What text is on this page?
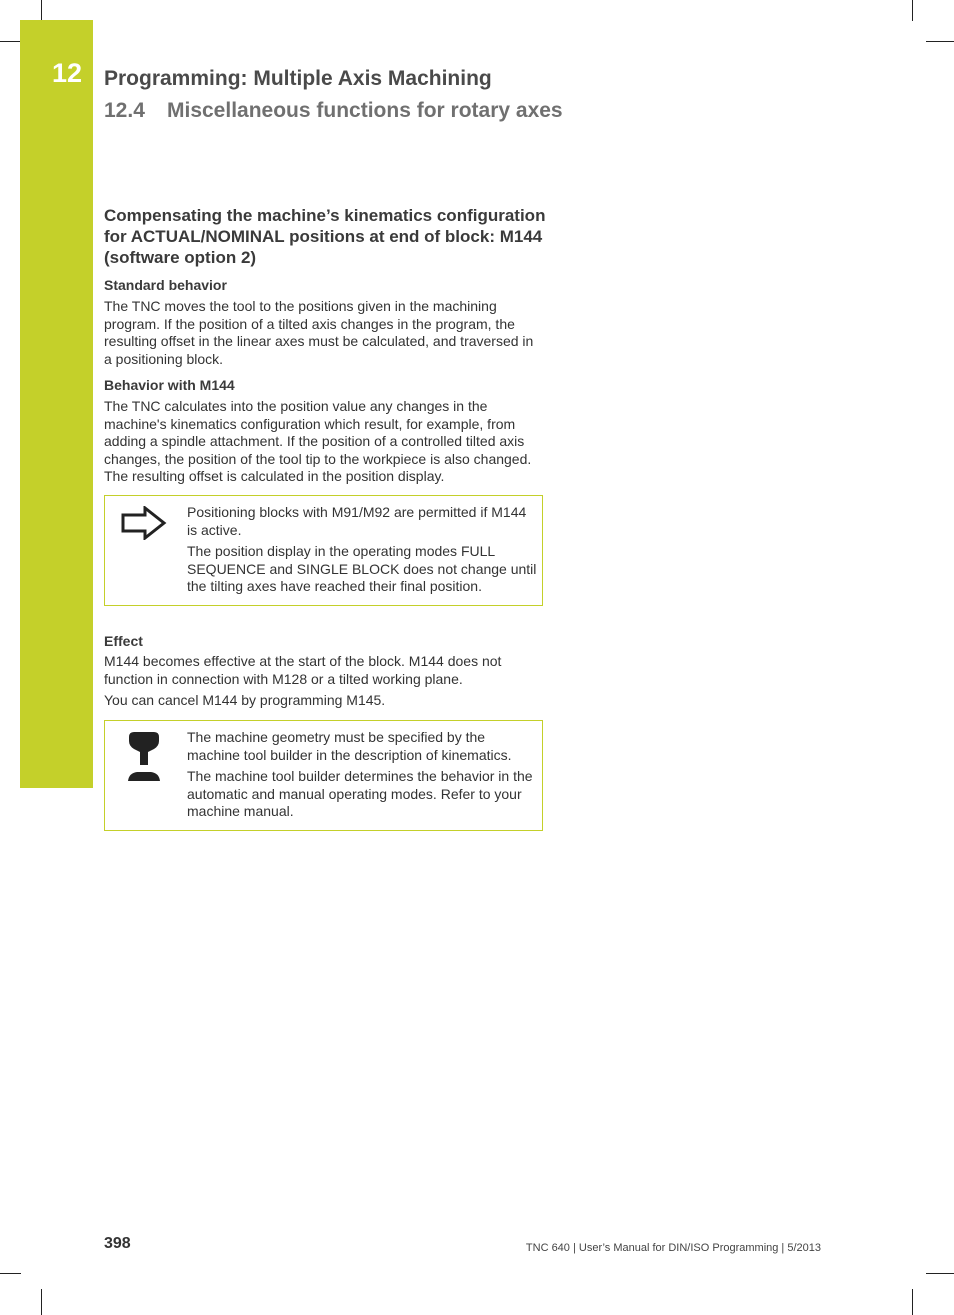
12 Programming: Multiple Axis Machining
12.4 Miscellaneous functions for rotary axes
Compensating the machine’s kinematics configuration for ACTUAL/NOMINAL positions at end of block: M144 (software option 2)
Standard behavior

The TNC moves the tool to the positions given in the machining program. If the position of a tilted axis changes in the program, the resulting offset in the linear axes must be calculated, and traversed in a positioning block.

Behavior with M144

The TNC calculates into the position value any changes in the machine's kinematics configuration which result, for example, from adding a spindle attachment. If the position of a controlled tilted axis changes, the position of the tool tip to the workpiece is also changed. The resulting offset is calculated in the position display.

Positioning blocks with M91/M92 are permitted if M144 is active.

The position display in the operating modes FULL SEQUENCE and SINGLE BLOCK does not change until the tilting axes have reached their final position.

Effect

M144 becomes effective at the start of the block. M144 does not function in connection with M128 or a tilted working plane.

You can cancel M144 by programming M145.

The machine geometry must be specified by the machine tool builder in the description of kinematics.

The machine tool builder determines the behavior in the automatic and manual operating modes. Refer to your machine manual.

398	TNC 640 | User’s Manual for DIN/ISO Programming | 5/2013
